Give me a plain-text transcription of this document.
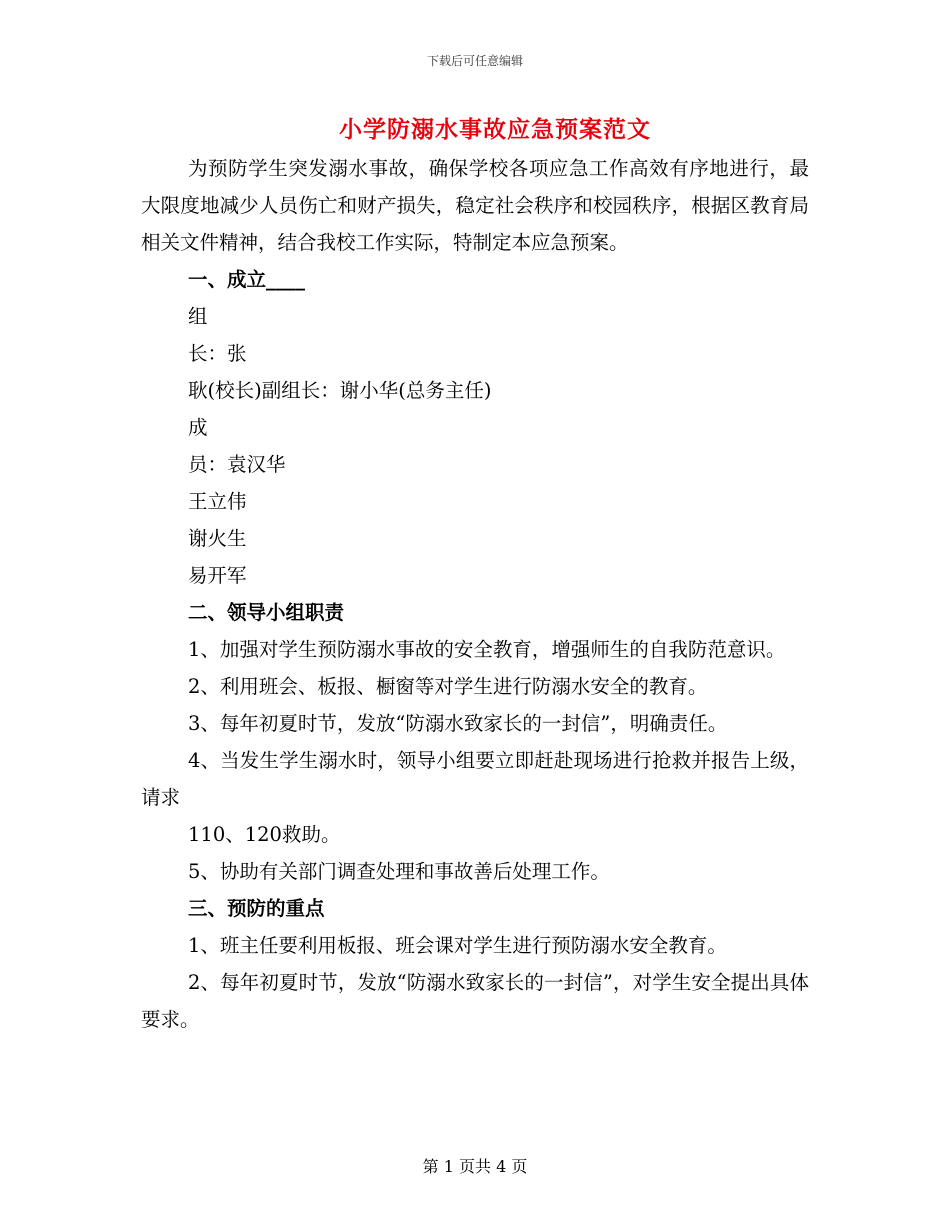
下载后可任意编辑
小学防溺水事故应急预案范文

为预防学生突发溺水事故，确保学校各项应急工作高效有序地进行，最大限度地减少人员伤亡和财产损失，稳定社会秩序和校园秩序，根据区教育局相关文件精神，结合我校工作实际，特制定本应急预案。

一、成立____

组

长：张

耿(校长)副组长：谢小华(总务主任)

成

员：袁汉华

王立伟

谢火生

易开军

二、领导小组职责

1、加强对学生预防溺水事故的安全教育，增强师生的自我防范意识。

2、利用班会、板报、橱窗等对学生进行防溺水安全的教育。

3、每年初夏时节，发放“防溺水致家长的一封信”，明确责任。

4、当发生学生溺水时，领导小组要立即赶赴现场进行抢救并报告上级，请求

110、120救助。

5、协助有关部门调查处理和事故善后处理工作。

三、预防的重点

1、班主任要利用板报、班会课对学生进行预防溺水安全教育。

2、每年初夏时节，发放“防溺水致家长的一封信”，对学生安全提出具体要求。

第 1 页共 4 页
